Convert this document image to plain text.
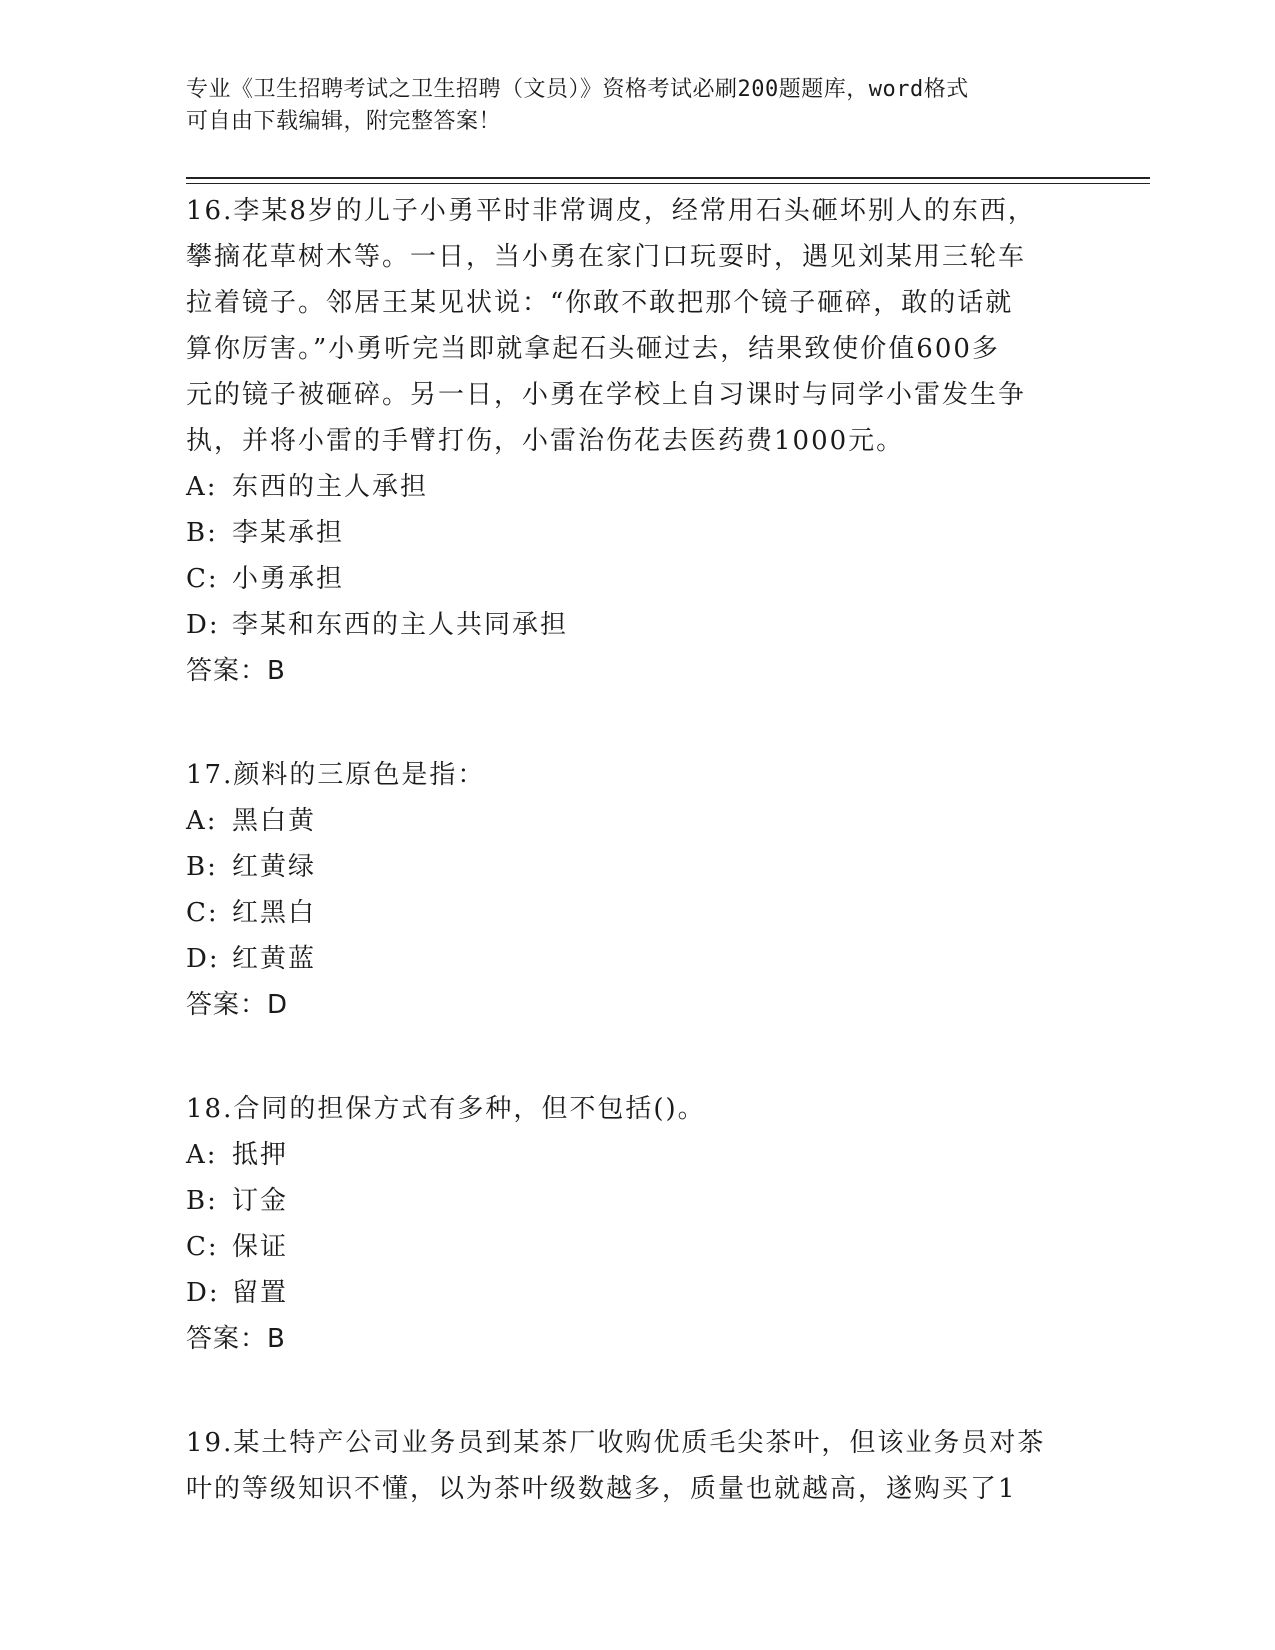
专业《卫生招聘考试之卫生招聘（文员）》资格考试必刷200题题库，word格式
可自由下载编辑，附完整答案！
16.李某8岁的儿子小勇平时非常调皮，经常用石头砸坏别人的东西，
攀摘花草树木等。一日，当小勇在家门口玩耍时，遇见刘某用三轮车
拉着镜子。邻居王某见状说：“你敢不敢把那个镜子砸碎，敢的话就
算你厉害。”小勇听完当即就拿起石头砸过去，结果致使价值600多
元的镜子被砸碎。另一日，小勇在学校上自习课时与同学小雷发生争
执，并将小雷的手臂打伤，小雷治伤花去医药费1000元。
A: 东西的主人承担
B: 李某承担
C: 小勇承担
D: 李某和东西的主人共同承担
答案：B
17.颜料的三原色是指：
A: 黑白黄
B: 红黄绿
C: 红黑白
D: 红黄蓝
答案：D
18.合同的担保方式有多种，但不包括()。
A: 抵押
B: 订金
C: 保证
D: 留置
答案：B
19.某土特产公司业务员到某茶厂收购优质毛尖茶叶，但该业务员对茶
叶的等级知识不懂，以为茶叶级数越多，质量也就越高，遂购买了1
